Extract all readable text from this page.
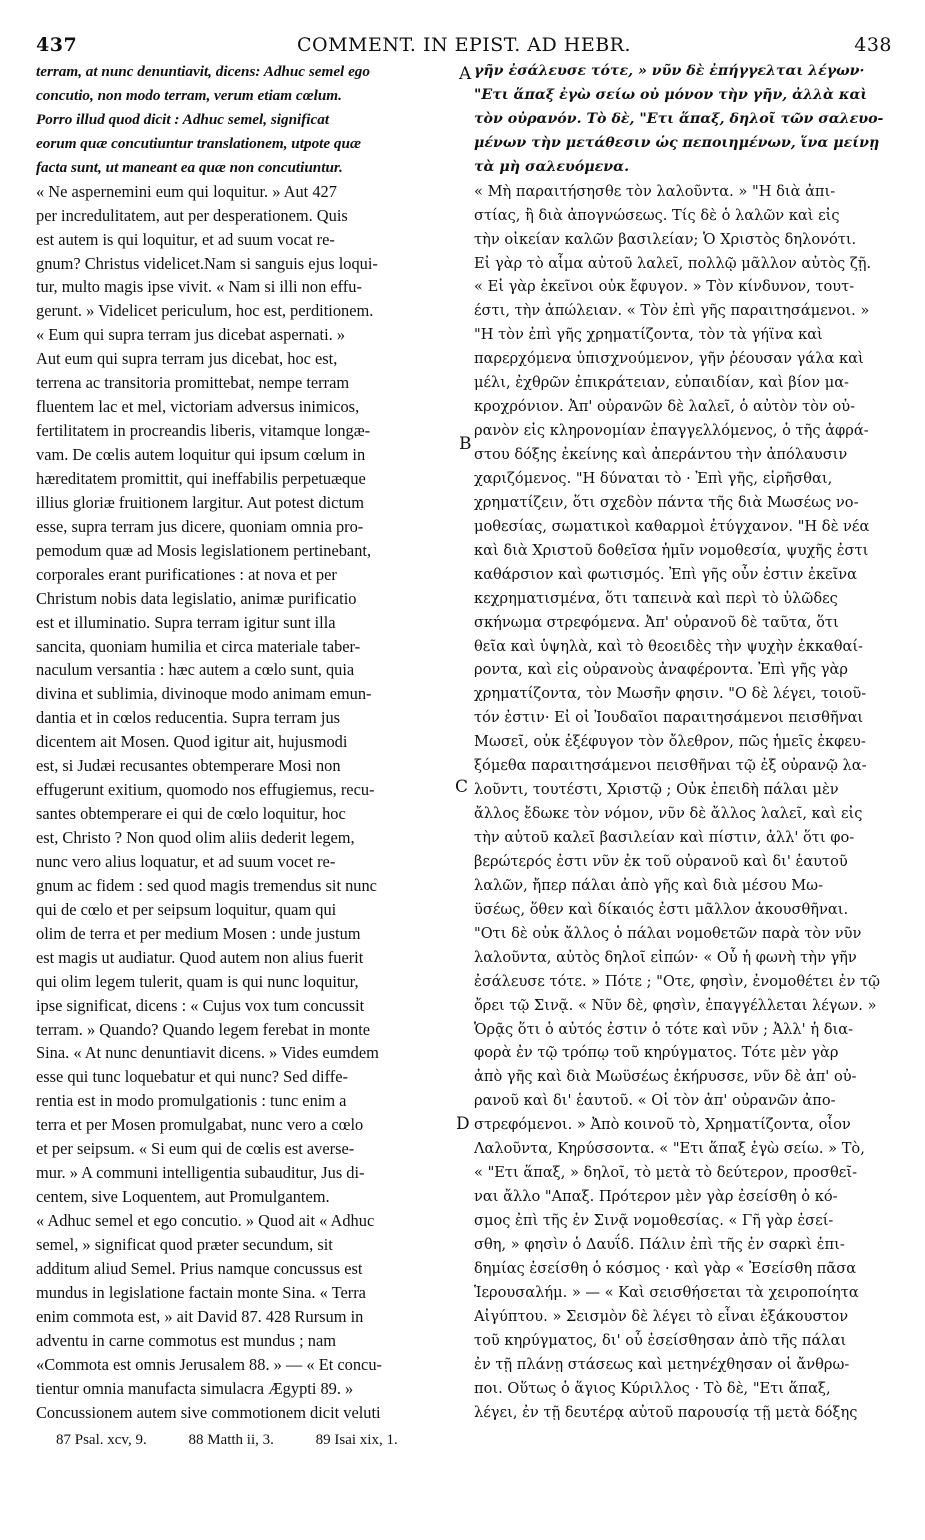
437	COMMENT. IN EPIST. AD HEBR.	438

terram, at nunc denuntiavit, dicens: Adhuc semel ego

concutio, non modo terram, verum etiam cœlum.

Porro illud quod dicit : Adhuc semel, significat

eorum quæ concutiuntur translationem, utpote quæ

facta sunt, ut maneant ea quæ non concutiuntur.

« Ne aspernemini eum qui loquitur. » Aut 427

per incredulitatem, aut per desperationem. Quis

est autem is qui loquitur, et ad suum vocat re-

gnum? Christus videlicet.Nam si sanguis ejus loqui-

tur, multo magis ipse vivit. « Nam si illi non effu-

gerunt. » Videlicet periculum, hoc est, perditionem.

« Eum qui supra terram jus dicebat aspernati. »

Aut eum qui supra terram jus dicebat, hoc est,

terrena ac transitoria promittebat, nempe terram

fluentem lac et mel, victoriam adversus inimicos,

fertilitatem in procreandis liberis, vitamque longæ-

vam. De cœlis autem loquitur qui ipsum cœlum in

hæreditatem promittit, qui ineffabilis perpetuæque

illius gloriæ fruitionem largitur. Aut potest dictum

esse, supra terram jus dicere, quoniam omnia pro-

pemodum quæ ad Mosis legislationem pertinebant,

corporales erant purificationes : at nova et per

Christum nobis data legislatio, animæ purificatio

est et illuminatio. Supra terram igitur sunt illa

sancita, quoniam humilia et circa materiale taber-

naculum versantia : hæc autem a cœlo sunt, quia

divina et sublimia, divinoque modo animam emun-

dantia et in cœlos reducentia. Supra terram jus

dicentem ait Mosen. Quod igitur ait, hujusmodi

est, si Judæi recusantes obtemperare Mosi non

effugerunt exitium, quomodo nos effugiemus, recu-

santes obtemperare ei qui de cœlo loquitur, hoc

est, Christo ? Non quod olim aliis dederit legem,

nunc vero alius loquatur, et ad suum vocet re-

gnum ac fidem : sed quod magis tremendus sit nunc

qui de cœlo et per seipsum loquitur, quam qui

olim de terra et per medium Mosen : unde justum

est magis ut audiatur. Quod autem non alius fuerit

qui olim legem tulerit, quam is qui nunc loquitur,

ipse significat, dicens : « Cujus vox tum concussit

terram. » Quando? Quando legem ferebat in monte

Sina. « At nunc denuntiavit dicens. » Vides eumdem

esse qui tunc loquebatur et qui nunc? Sed diffe-

rentia est in modo promulgationis : tunc enim a

terra et per Mosen promulgabat, nunc vero a cœlo

et per seipsum. « Si eum qui de cœlis est averse-

mur. » A communi intelligentia subauditur, Jus di-

centem, sive Loquentem, aut Promulgantem.

« Adhuc semel et ego concutio. » Quod ait « Adhuc

semel, » significat quod præter secundum, sit

additum aliud Semel. Prius namque concussus est

mundus in legislatione factain monte Sina. « Terra

enim commota est, » ait David 87. 428 Rursum in

adventu in carne commotus est mundus ; nam

«Commota est omnis Jerusalem 88. » — « Et concu-

tientur omnia manufacta simulacra Ægypti 89. »

Concussionem autem sive commotionem dicit veluti

γῆν ἐσάλευσε τότε, » νῦν δὲ ἐπήγγελται λέγων·

"Ετι ἅπαξ ἐγὼ σείω οὐ μόνον τὴν γῆν, ἀλλὰ καὶ

τὸν οὐρανόν. Τὸ δὲ, "Ετι ἅπαξ, δηλοῖ τῶν σαλευο-

μένων τὴν μετάθεσιν ὡς πεποιημένων, ἵνα μείνῃ

τὰ μὴ σαλευόμενα.

« Μὴ παραιτήσησθε τὸν λαλοῦντα. » "Η διὰ ἀπι-

στίας, ἢ διὰ ἀπογνώσεως. Τίς δὲ ὁ λαλῶν καὶ εἰς

τὴν οἰκείαν καλῶν βασιλείαν; Ὁ Χριστὸς δηλονότι.

Εἰ γὰρ τὸ αἷμα αὐτοῦ λαλεῖ, πολλῷ μᾶλλον αὐτὸς ζῇ.

« Εἰ γὰρ ἐκεῖνοι οὐκ ἔφυγον. » Τὸν κίνδυνον, τουτ-

έστι, τὴν ἀπώλειαν. « Τὸν ἐπὶ γῆς παραιτησάμενοι. »

"Η τὸν ἐπὶ γῆς χρηματίζοντα, τὸν τὰ γήϊνα καὶ

παρερχόμενα ὑπισχνούμενον, γῆν ῥέουσαν γάλα καὶ

μέλι, ἐχθρῶν ἐπικράτειαν, εὐπαιδίαν, καὶ βίον μα-

κροχρόνιον. Ἀπ' οὐρανῶν δὲ λαλεῖ, ὁ αὐτὸν τὸν οὐ-

ρανὸν εἰς κληρονομίαν ἐπαγγελλόμενος, ὁ τῆς ἀφρά-

στου δόξης ἐκείνης καὶ ἀπεράντου τὴν ἀπόλαυσιν

χαριζόμενος. "Η δύναται τὸ · Ἐπὶ γῆς, εἰρῆσθαι,

χρηματίζειν, ὅτι σχεδὸν πάντα τῆς διὰ Μωσέως νο-

μοθεσίας, σωματικοὶ καθαρμοὶ ἐτύγχανον. "Η δὲ νέα

καὶ διὰ Χριστοῦ δοθεῖσα ἡμῖν νομοθεσία, ψυχῆς ἐστι

καθάρσιον καὶ φωτισμός. Ἐπὶ γῆς οὖν ἐστιν ἐκεῖνα

κεχρηματισμένα, ὅτι ταπεινὰ καὶ περὶ τὸ ὑλῶδες

σκήνωμα στρεφόμενα. Ἀπ' οὐρανοῦ δὲ ταῦτα, ὅτι

θεῖα καὶ ὑψηλὰ, καὶ τὸ θεοειδὲς τὴν ψυχὴν ἐκκαθαί-

ροντα, καὶ εἰς οὐρανοὺς ἀναφέροντα. Ἐπὶ γῆς γὰρ

χρηματίζοντα, τὸν Μωσῆν φησιν. "Ο δὲ λέγει, τοιοῦ-

τόν ἐστιν· Εἰ οἱ Ἰουδαῖοι παραιτησάμενοι πεισθῆναι

Μωσεῖ, οὐκ ἐξέφυγον τὸν ὄλεθρον, πῶς ἡμεῖς ἐκφευ-

ξόμεθα παραιτησάμενοι πεισθῆναι τῷ ἐξ οὐρανῷ λα-

λοῦντι, τουτέστι, Χριστῷ ; Οὐκ ἐπειδὴ πάλαι μὲν

ἄλλος ἔδωκε τὸν νόμον, νῦν δὲ ἄλλος λαλεῖ, καὶ εἰς

τὴν αὐτοῦ καλεῖ βασιλείαν καὶ πίστιν, ἀλλ' ὅτι φο-

βερώτερός ἐστι νῦν ἐκ τοῦ οὐρανοῦ καὶ δι' ἑαυτοῦ

λαλῶν, ἤπερ πάλαι ἀπὸ γῆς καὶ διὰ μέσου Μω-

ϋσέως, ὅθεν καὶ δίκαιός ἐστι μᾶλλον ἀκουσθῆναι.

"Οτι δὲ οὐκ ἄλλος ὁ πάλαι νομοθετῶν παρὰ τὸν νῦν

λαλοῦντα, αὐτὸς δηλοῖ εἰπών· « Οὗ ἡ φωνὴ τὴν γῆν

ἐσάλευσε τότε. » Πότε ; "Οτε, φησὶν, ἐνομοθέτει ἐν τῷ

ὄρει τῷ Σινᾷ. « Νῦν δὲ, φησὶν, ἐπαγγέλλεται λέγων. »

Ὁρᾷς ὅτι ὁ αὐτός ἐστιν ὁ τότε καὶ νῦν ; Ἀλλ' ἡ δια-

φορὰ ἐν τῷ τρόπῳ τοῦ κηρύγματος. Τότε μὲν γὰρ

ἀπὸ γῆς καὶ διὰ Μωϋσέως ἐκήρυσσε, νῦν δὲ ἀπ' οὐ-

ρανοῦ καὶ δι' ἑαυτοῦ. « Οἱ τὸν ἀπ' οὐρανῶν ἀπο-

στρεφόμενοι. » Ἀπὸ κοινοῦ τὸ, Χρηματίζοντα, οἷον

Λαλοῦντα, Κηρύσσοντα. « "Ετι ἅπαξ ἐγὼ σείω. » Τὸ,

« "Ετι ἅπαξ, » δηλοῖ, τὸ μετὰ τὸ δεύτερον, προσθεῖ-

ναι ἄλλο "Απαξ. Πρότερον μὲν γὰρ ἐσείσθη ὁ κό-

σμος ἐπὶ τῆς ἐν Σινᾷ νομοθεσίας. « Γῆ γὰρ ἐσεί-

σθη, » φησὶν ὁ Δαυΐδ. Πάλιν ἐπὶ τῆς ἐν σαρκὶ ἐπι-

δημίας ἐσείσθη ὁ κόσμος · καὶ γὰρ « Ἐσείσθη πᾶσα

Ἱερουσαλήμ. » — « Καὶ σεισθήσεται τὰ χειροποίητα

Αἰγύπτου. » Σεισμὸν δὲ λέγει τὸ εἶναι ἐξάκουστον

τοῦ κηρύγματος, δι' οὗ ἐσείσθησαν ἀπὸ τῆς πάλαι

ἐν τῇ πλάνῃ στάσεως καὶ μετηνέχθησαν οἱ ἄνθρω-

ποι. Οὕτως ὁ ἅγιος Κύριλλος · Τὸ δὲ, "Ετι ἅπαξ,

λέγει, ἐν τῇ δευτέρᾳ αὐτοῦ παρουσίᾳ τῇ μετὰ δόξης

A
B
C
D
87 Psal. xcv, 9.	88 Matth ii, 3.	89 Isai xix, 1.
